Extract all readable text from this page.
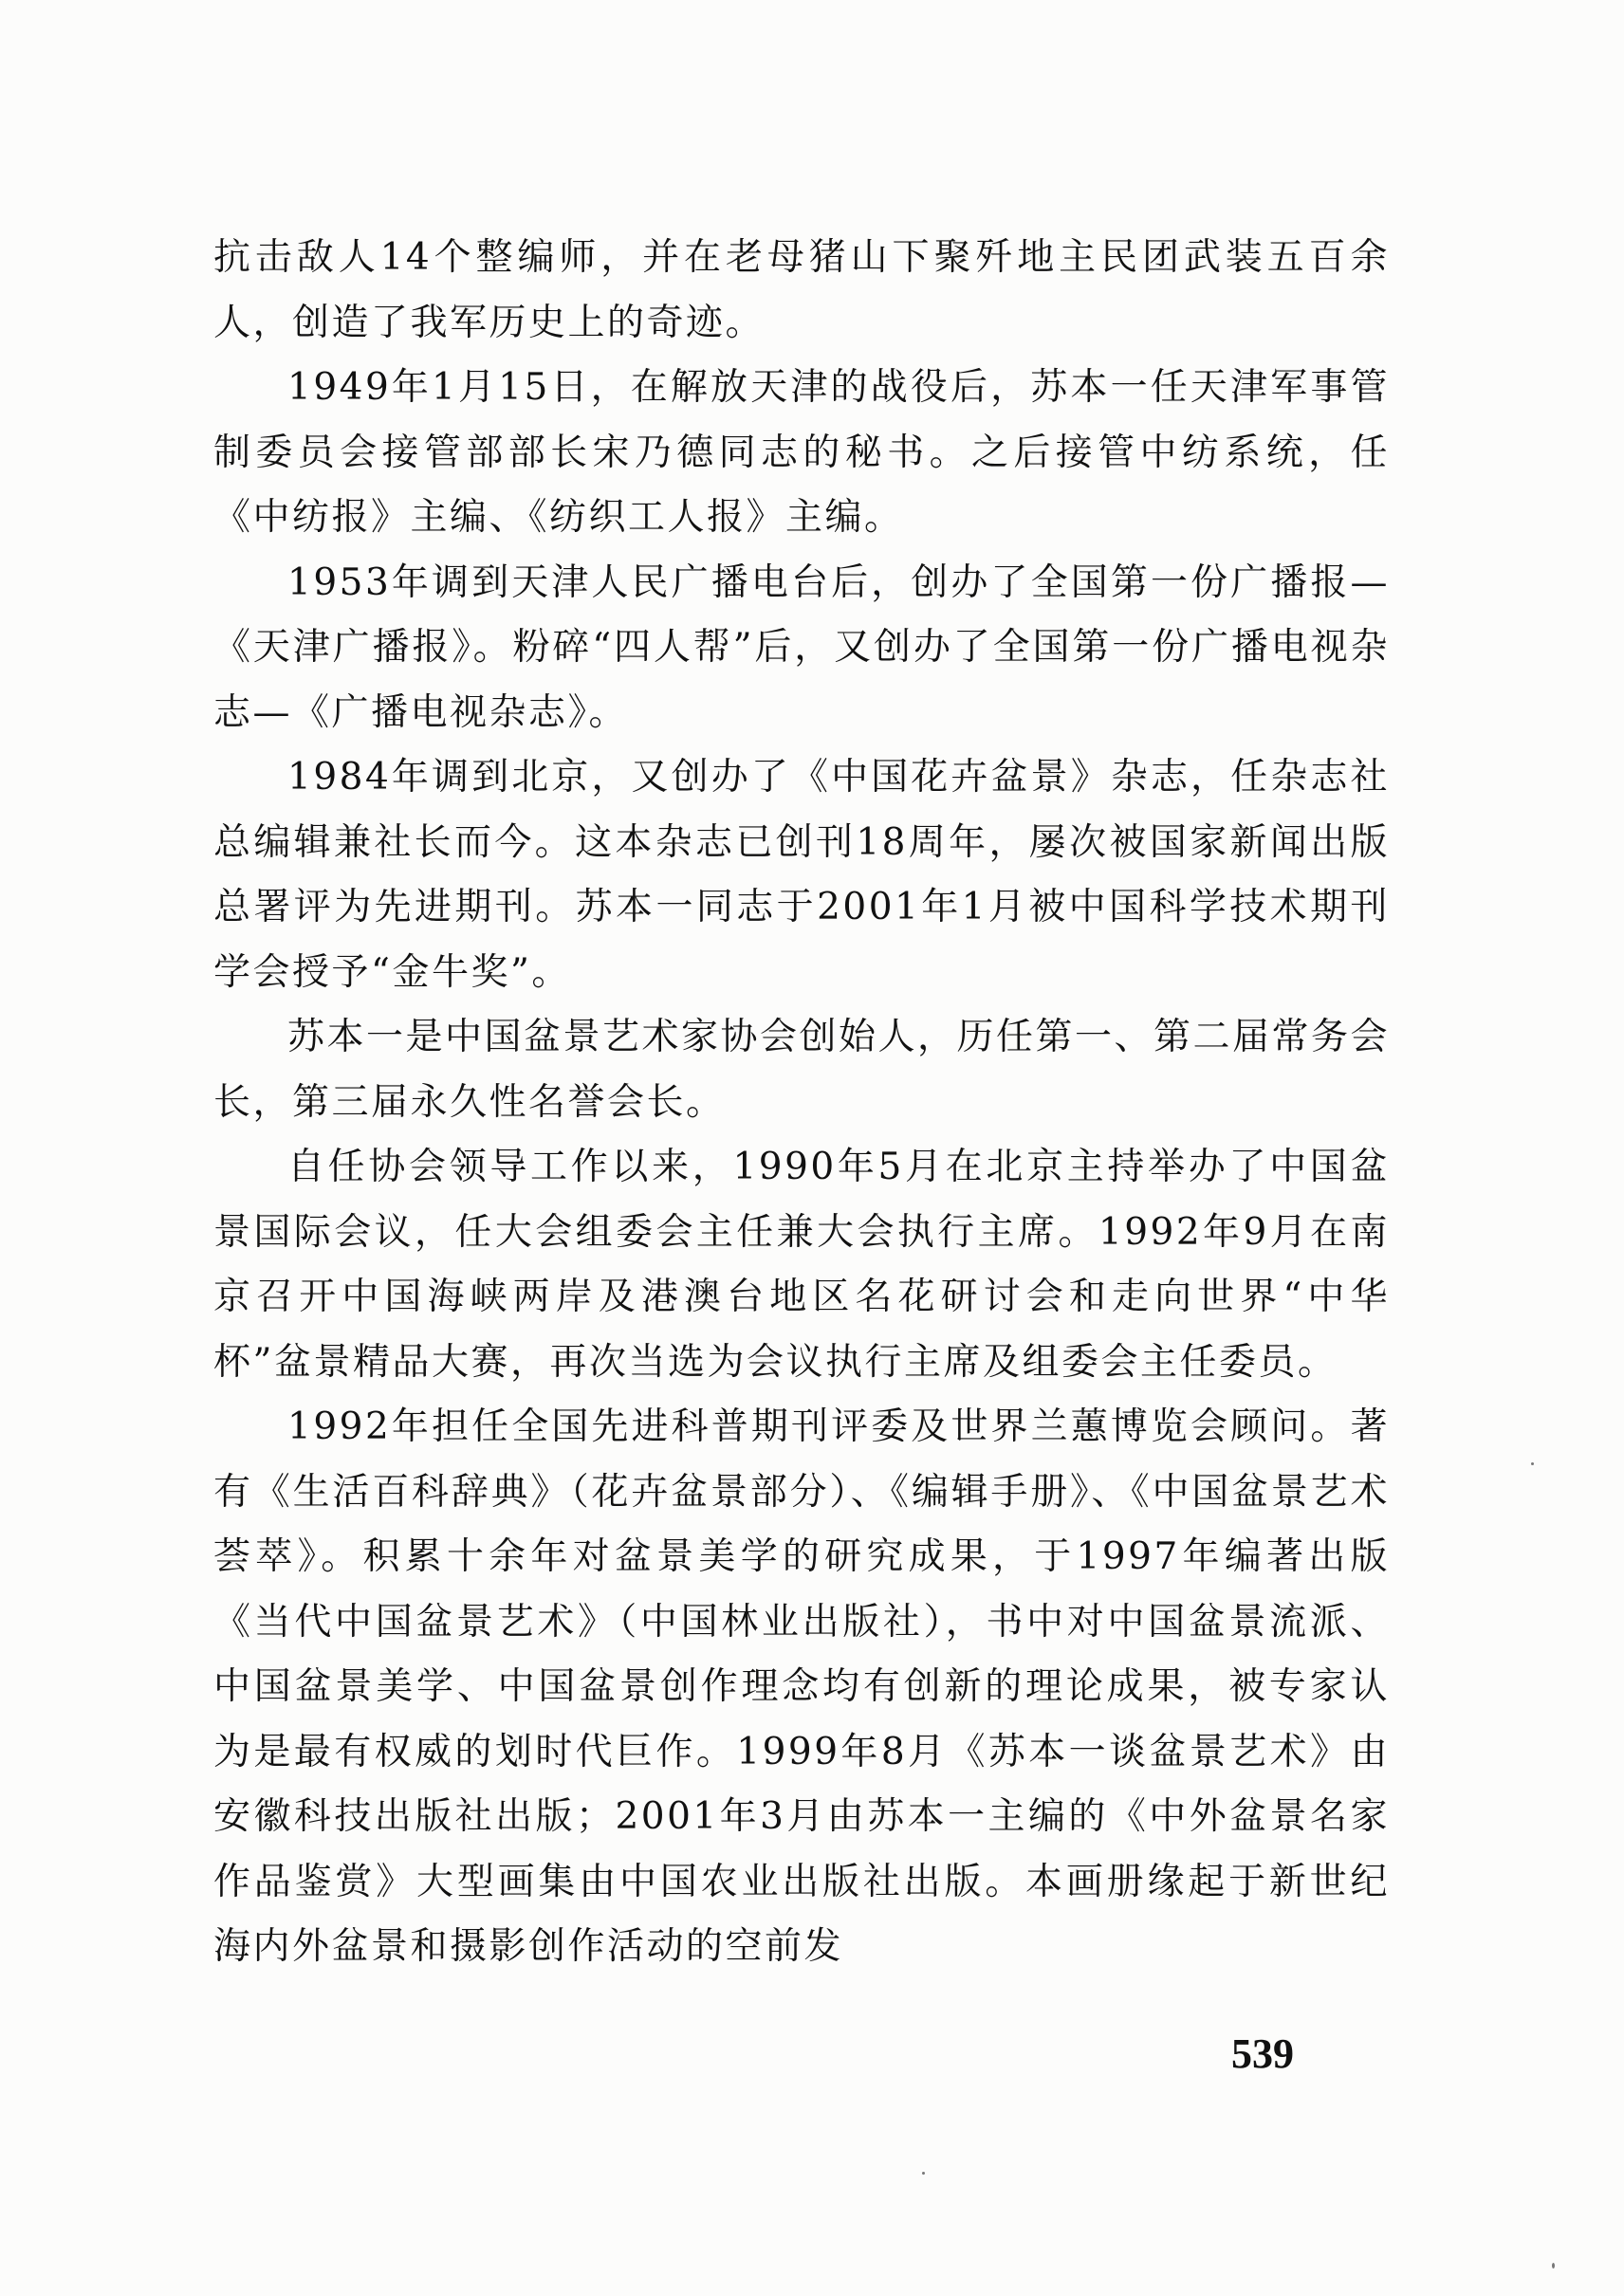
抗击敌人14个整编师，并在老母猪山下聚歼地主民团武装五百余人，创造了我军历史上的奇迹。

1949年1月15日，在解放天津的战役后，苏本一任天津军事管制委员会接管部部长宋乃德同志的秘书。之后接管中纺系统，任《中纺报》主编、《纺织工人报》主编。

1953年调到天津人民广播电台后，创办了全国第一份广播报—《天津广播报》。粉碎“四人帮”后，又创办了全国第一份广播电视杂志—《广播电视杂志》。

1984年调到北京，又创办了《中国花卉盆景》杂志，任杂志社总编辑兼社长而今。这本杂志已创刊18周年，屡次被国家新闻出版总署评为先进期刊。苏本一同志于2001年1月被中国科学技术期刊学会授予“金牛奖”。

苏本一是中国盆景艺术家协会创始人，历任第一、第二届常务会长，第三届永久性名誉会长。

自任协会领导工作以来，1990年5月在北京主持举办了中国盆景国际会议，任大会组委会主任兼大会执行主席。1992年9月在南京召开中国海峡两岸及港澳台地区名花研讨会和走向世界“中华杯”盆景精品大赛，再次当选为会议执行主席及组委会主任委员。

1992年担任全国先进科普期刊评委及世界兰蕙博览会顾问。著有《生活百科辞典》（花卉盆景部分）、《编辑手册》、《中国盆景艺术荟萃》。积累十余年对盆景美学的研究成果，于1997年编著出版《当代中国盆景艺术》（中国林业出版社），书中对中国盆景流派、中国盆景美学、中国盆景创作理念均有创新的理论成果，被专家认为是最有权威的划时代巨作。1999年8月《苏本一谈盆景艺术》由安徽科技出版社出版；2001年3月由苏本一主编的《中外盆景名家作品鉴赏》大型画集由中国农业出版社出版。本画册缘起于新世纪海内外盆景和摄影创作活动的空前发

539
